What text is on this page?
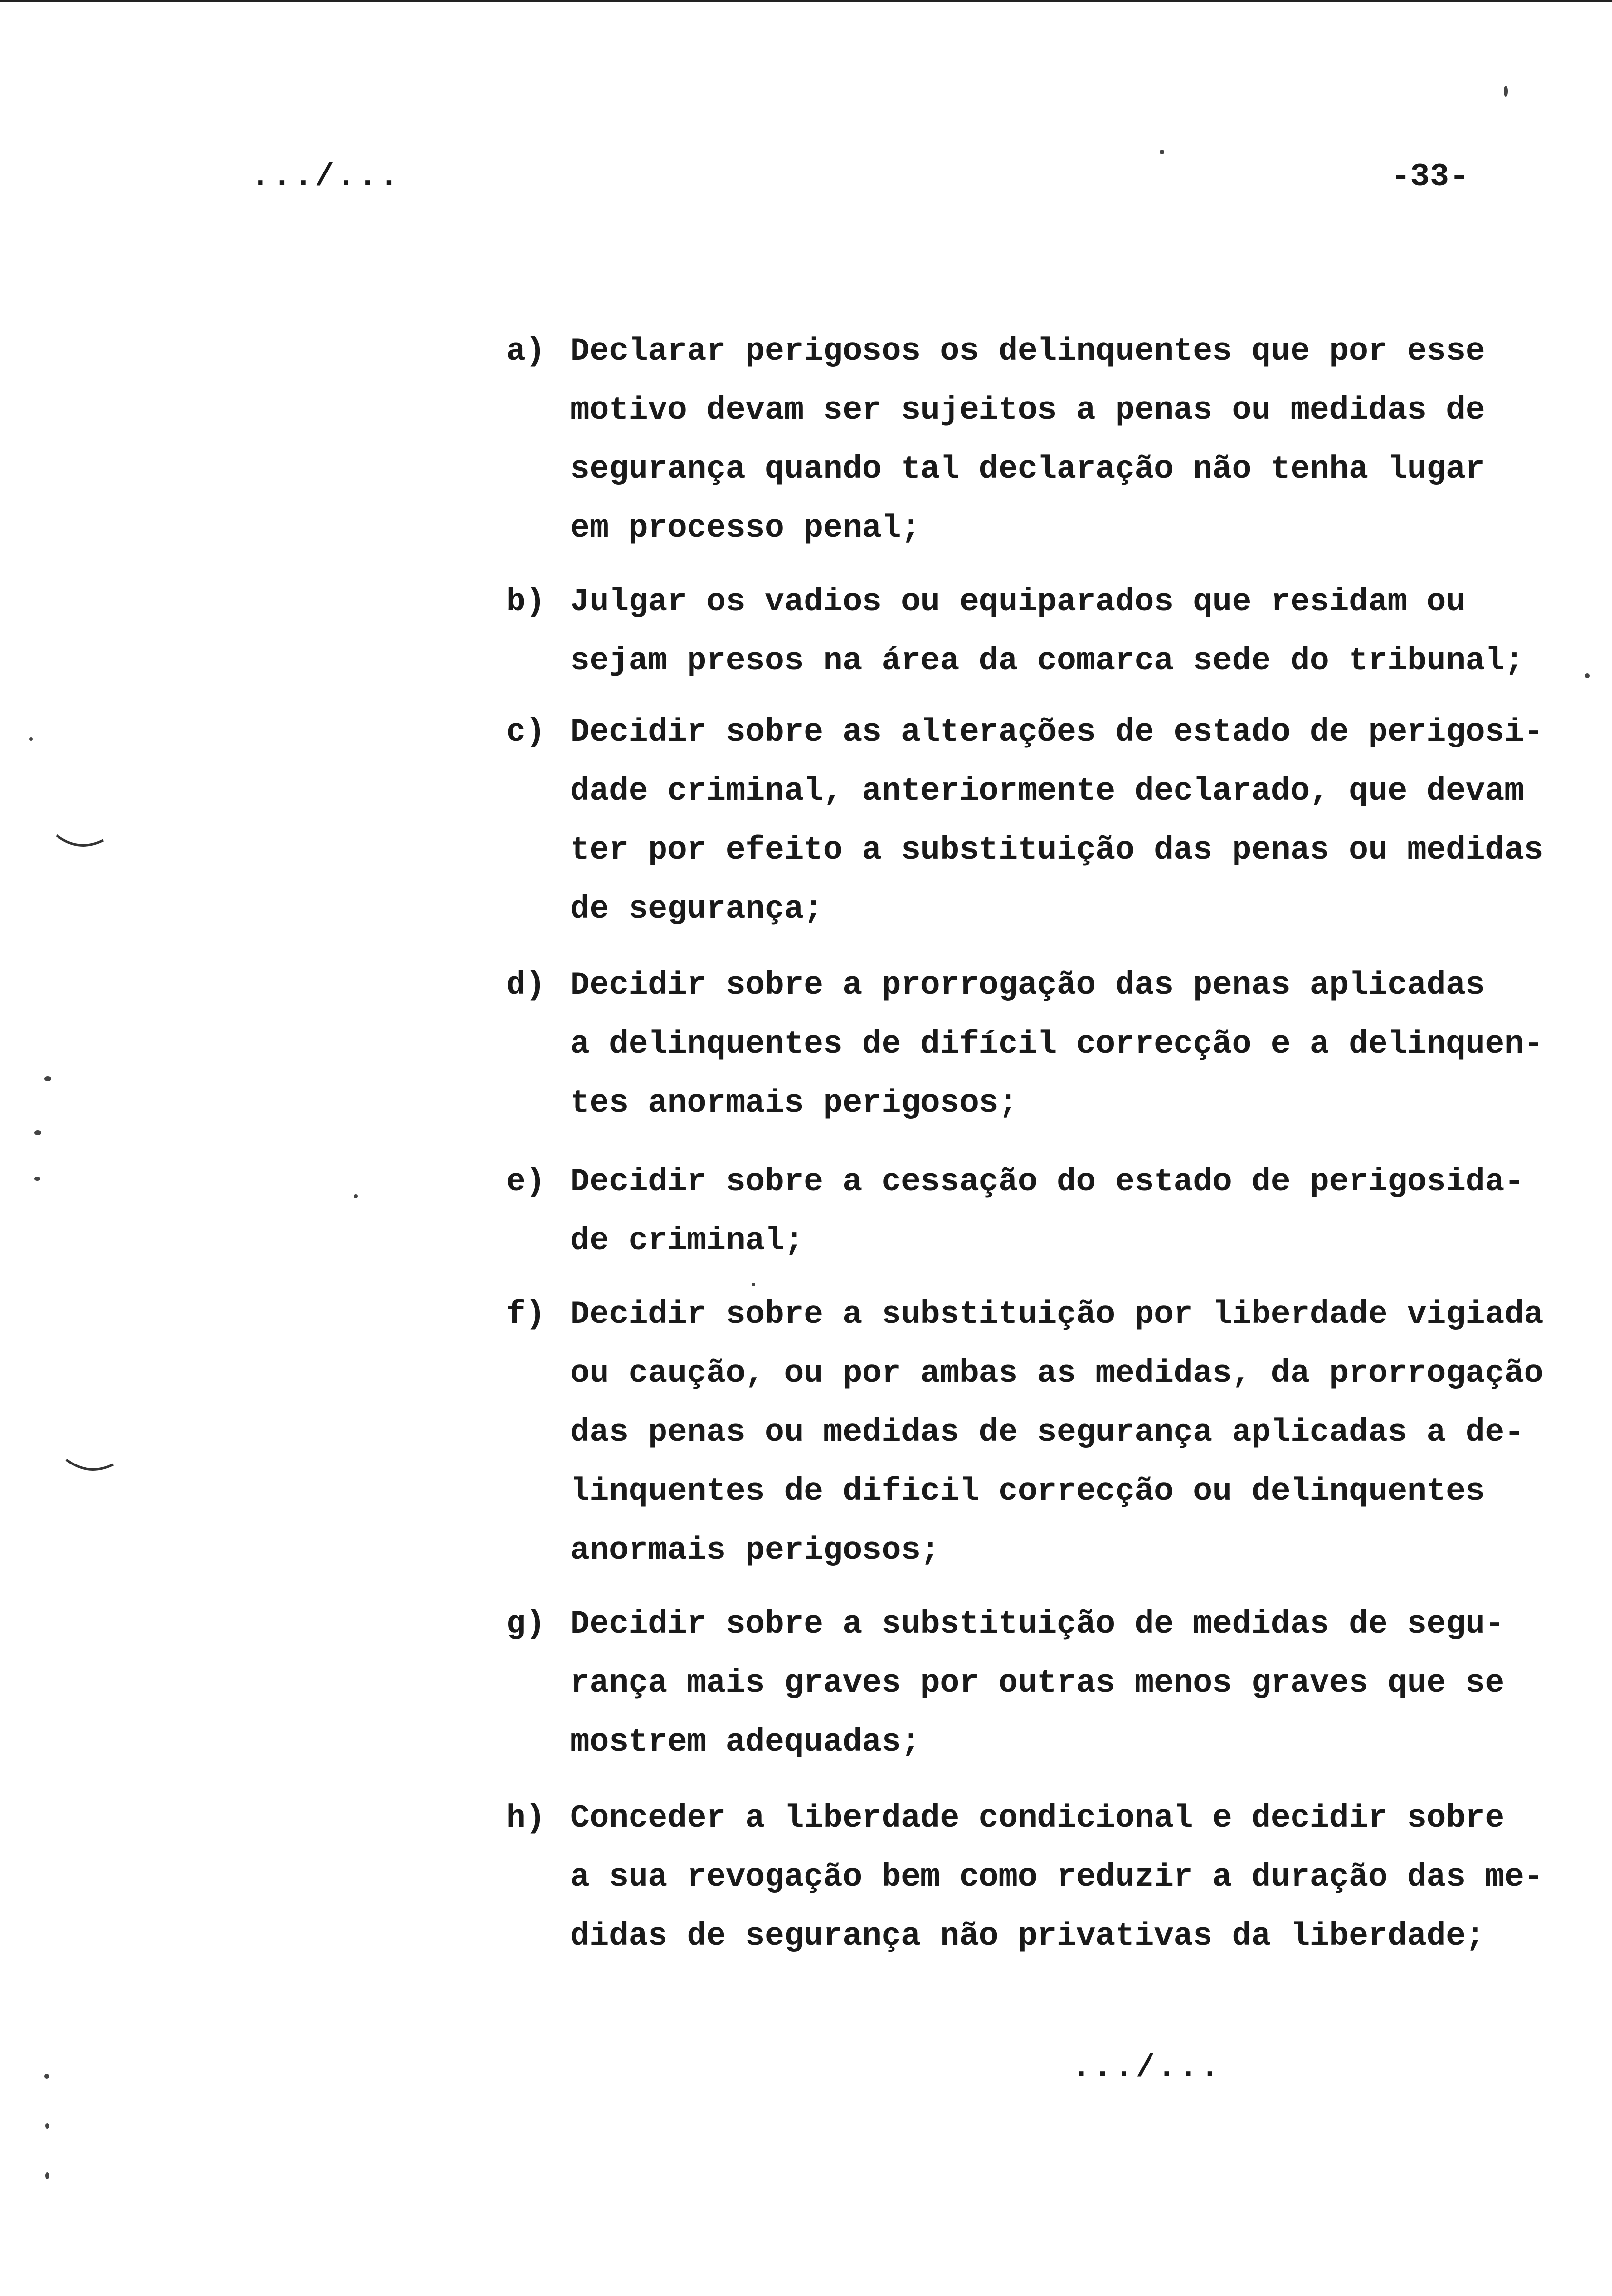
.../...	-33-
a) Declarar perigosos os delinquentes que por esse
motivo devam ser sujeitos a penas ou medidas de
segurança quando tal declaração não tenha lugar
em processo penal;
b) Julgar os vadios ou equiparados que residam ou
sejam presos na área da comarca sede do tribunal;
c) Decidir sobre as alterações de estado de perigosi-
dade criminal, anteriormente declarado, que devam
ter por efeito a substituição das penas ou medidas
de segurança;
d) Decidir sobre a prorrogação das penas aplicadas
a delinquentes de difícil correcção e a delinquen-
tes anormais perigosos;
e) Decidir sobre a cessação do estado de perigosida-
de criminal;
f) Decidir sobre a substituição por liberdade vigiada
ou caução, ou por ambas as medidas, da prorrogação
das penas ou medidas de segurança aplicadas a de-
linquentes de dificil correcção ou delinquentes
anormais perigosos;
g) Decidir sobre a substituição de medidas de segu-
rança mais graves por outras menos graves que se
mostrem adequadas;
h) Conceder a liberdade condicional e decidir sobre
a sua revogação bem como reduzir a duração das me-
didas de segurança não privativas da liberdade;
.../...
